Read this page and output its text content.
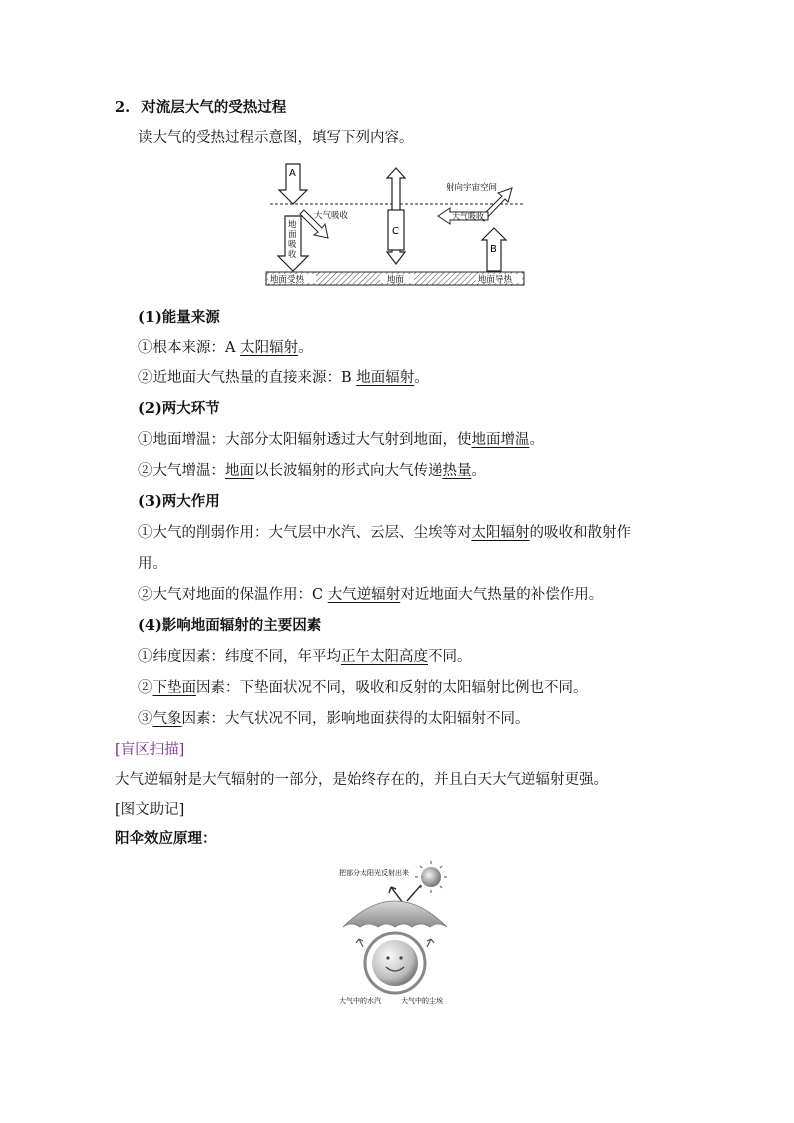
2. 对流层大气的受热过程
读大气的受热过程示意图，填写下列内容。
地面受热	地面	地面导热
A
地
面
吸
收
大气吸收
C
射向宇宙空间
大气吸收
B
(1)能量来源
①根本来源：A 太阳辐射。
②近地面大气热量的直接来源：B 地面辐射。
(2)两大环节
①地面增温：大部分太阳辐射透过大气射到地面，使地面增温。
②大气增温：地面以长波辐射的形式向大气传递热量。
(3)两大作用
①大气的削弱作用：大气层中水汽、云层、尘埃等对太阳辐射的吸收和散射作
用。
②大气对地面的保温作用：C 大气逆辐射对近地面大气热量的补偿作用。
(4)影响地面辐射的主要因素
①纬度因素：纬度不同，年平均正午太阳高度不同。
②下垫面因素：下垫面状况不同，吸收和反射的太阳辐射比例也不同。
③气象因素：大气状况不同，影响地面获得的太阳辐射不同。
[盲区扫描]
大气逆辐射是大气辐射的一部分，是始终存在的，并且白天大气逆辐射更强。
[图文助记]
阳伞效应原理：
把部分太阳光反射出来
大气中的水汽	大气中的尘埃
